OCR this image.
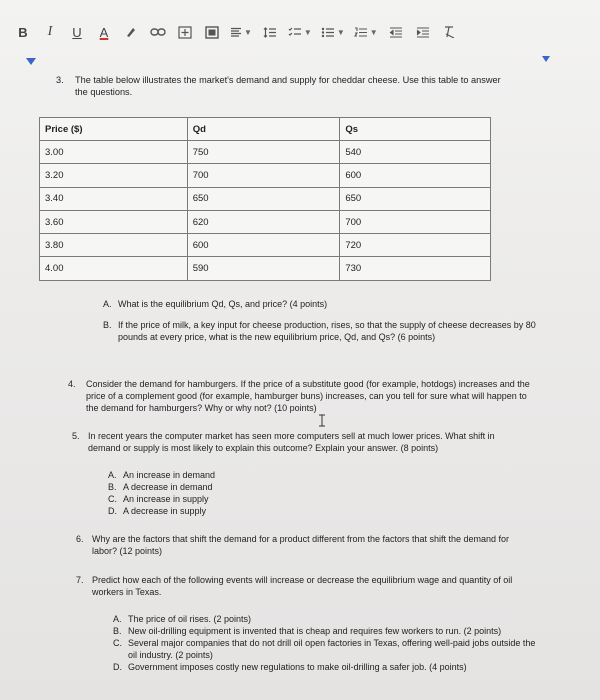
B I U A	▼	▼	▼	▼
3. The table below illustrates the market's demand and supply for cheddar cheese. Use this table to answer the questions.
Price ($)	Qd	Qs
3.00	750	540
3.20	700	600
3.40	650	650
3.60	620	700
3.80	600	720
4.00	590	730
A. What is the equilibrium Qd, Qs, and price? (4 points)
B. If the price of milk, a key input for cheese production, rises, so that the supply of cheese decreases by 80 pounds at every price, what is the new equilibrium price, Qd, and Qs? (6 points)
4. Consider the demand for hamburgers. If the price of a substitute good (for example, hotdogs) increases and the price of a complement good (for example, hamburger buns) increases, can you tell for sure what will happen to the demand for hamburgers? Why or why not? (10 points)
5. In recent years the computer market has seen more computers sell at much lower prices. What shift in demand or supply is most likely to explain this outcome? Explain your answer. (8 points)
A. An increase in demand
B. A decrease in demand
C. An increase in supply
D. A decrease in supply
6. Why are the factors that shift the demand for a product different from the factors that shift the demand for labor? (12 points)
7. Predict how each of the following events will increase or decrease the equilibrium wage and quantity of oil workers in Texas.
A. The price of oil rises. (2 points)
B. New oil-drilling equipment is invented that is cheap and requires few workers to run. (2 points)
C. Several major companies that do not drill oil open factories in Texas, offering well-paid jobs outside the oil industry. (2 points)
D. Government imposes costly new regulations to make oil-drilling a safer job. (4 points)
